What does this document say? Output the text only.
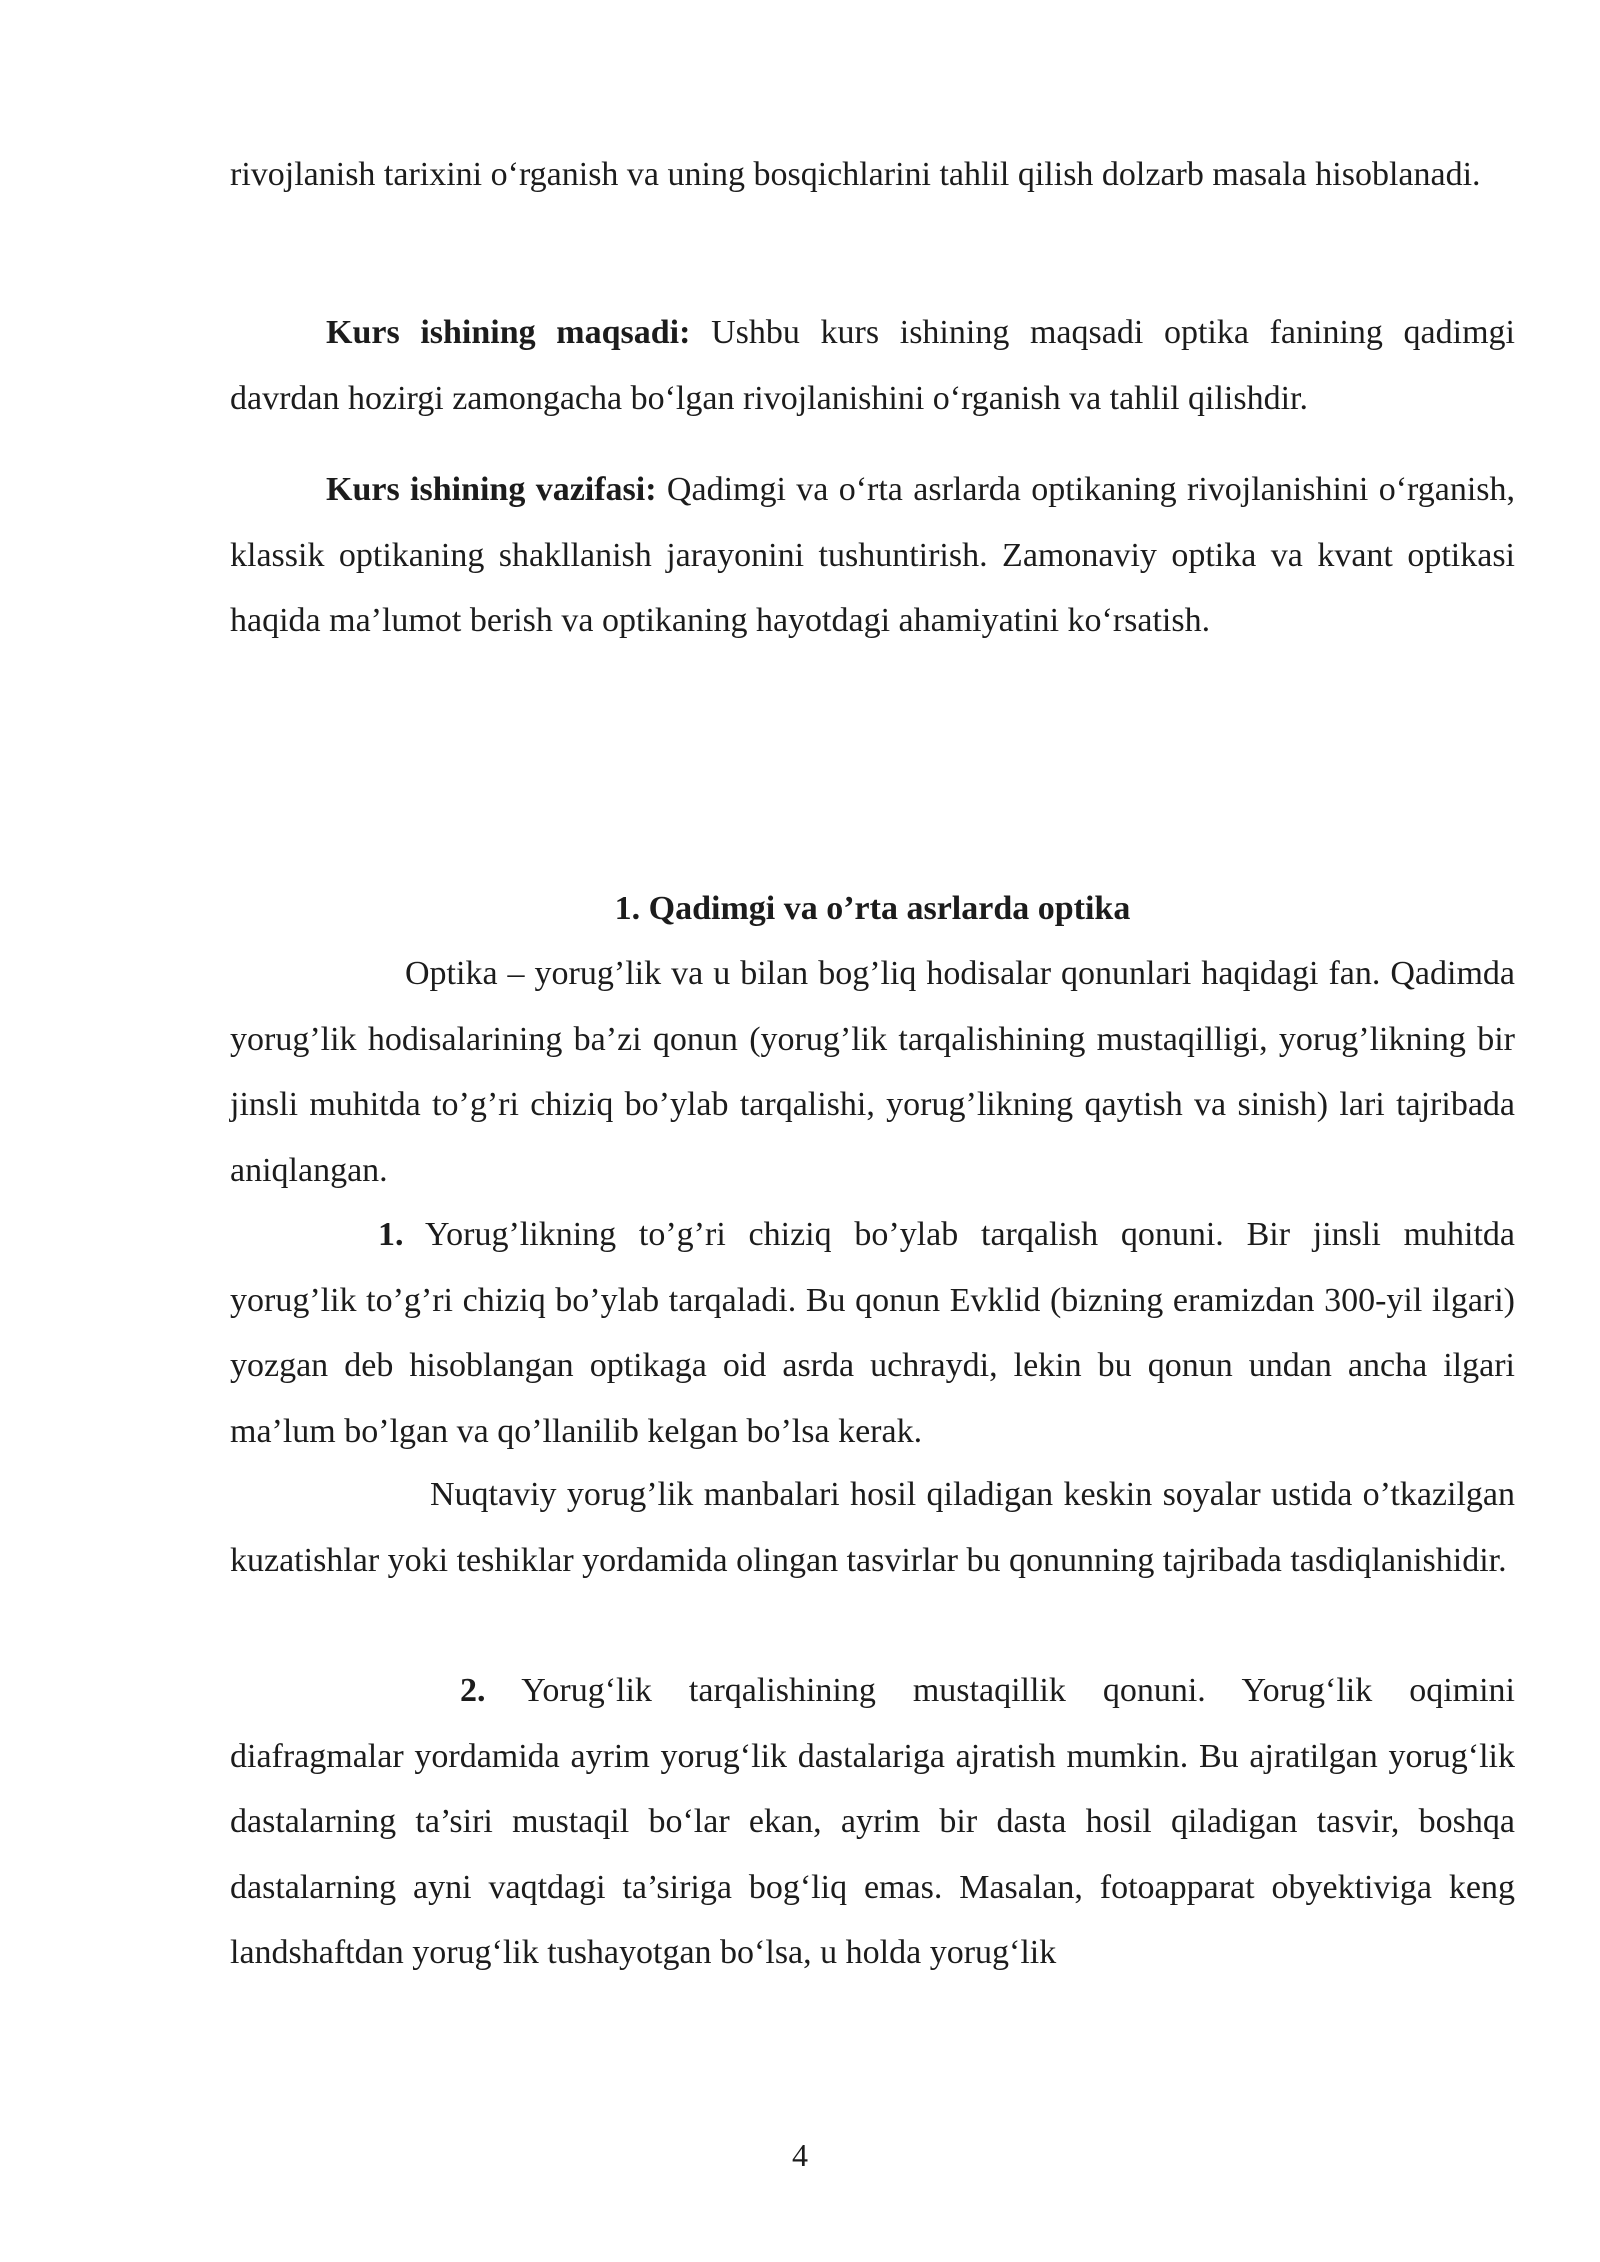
rivojlanish tarixini o‘rganish va uning bosqichlarini tahlil qilish dolzarb masala hisoblanadi.

Kurs ishining maqsadi: Ushbu kurs ishining maqsadi optika fanining qadimgi davrdan hozirgi zamongacha bo‘lgan rivojlanishini o‘rganish va tahlil qilishdir.

Kurs ishining vazifasi: Qadimgi va o‘rta asrlarda optikaning rivojlanishini o‘rganish, klassik optikaning shakllanish jarayonini tushuntirish. Zamonaviy optika va kvant optikasi haqida ma’lumot berish va optikaning hayotdagi ahamiyatini ko‘rsatish.

1. Qadimgi va o’rta asrlarda optika

Optika – yorug’lik va u bilan bog’liq hodisalar qonunlari haqidagi fan. Qadimda yorug’lik hodisalarining ba’zi qonun (yorug’lik tarqalishining mustaqilligi, yorug’likning bir jinsli muhitda to’g’ri chiziq bo’ylab tarqalishi, yorug’likning qaytish va sinish) lari tajribada aniqlangan.

1. Yorug’likning to’g’ri chiziq bo’ylab tarqalish qonuni. Bir jinsli muhitda yorug’lik to’g’ri chiziq bo’ylab tarqaladi. Bu qonun Evklid (bizning eramizdan 300-yil ilgari) yozgan deb hisoblangan optikaga oid asrda uchraydi, lekin bu qonun undan ancha ilgari ma’lum bo’lgan va qo’llanilib kelgan bo’lsa kerak.

Nuqtaviy yorug’lik manbalari hosil qiladigan keskin soyalar ustida o’tkazilgan kuzatishlar yoki teshiklar yordamida olingan tasvirlar bu qonunning tajribada tasdiqlanishidir.

2. Yorug‘lik tarqalishining mustaqillik qonuni. Yorug‘lik oqimini diafragmalar yordamida ayrim yorug‘lik dastalariga ajratish mumkin. Bu ajratilgan yorug‘lik dastalarning ta’siri mustaqil bo‘lar ekan, ayrim bir dasta hosil qiladigan tasvir, boshqa dastalarning ayni vaqtdagi ta’siriga bog‘liq emas. Masalan, fotoapparat obyektiviga keng landshaftdan yorug‘lik tushayotgan bo‘lsa, u holda yorug‘lik

4
